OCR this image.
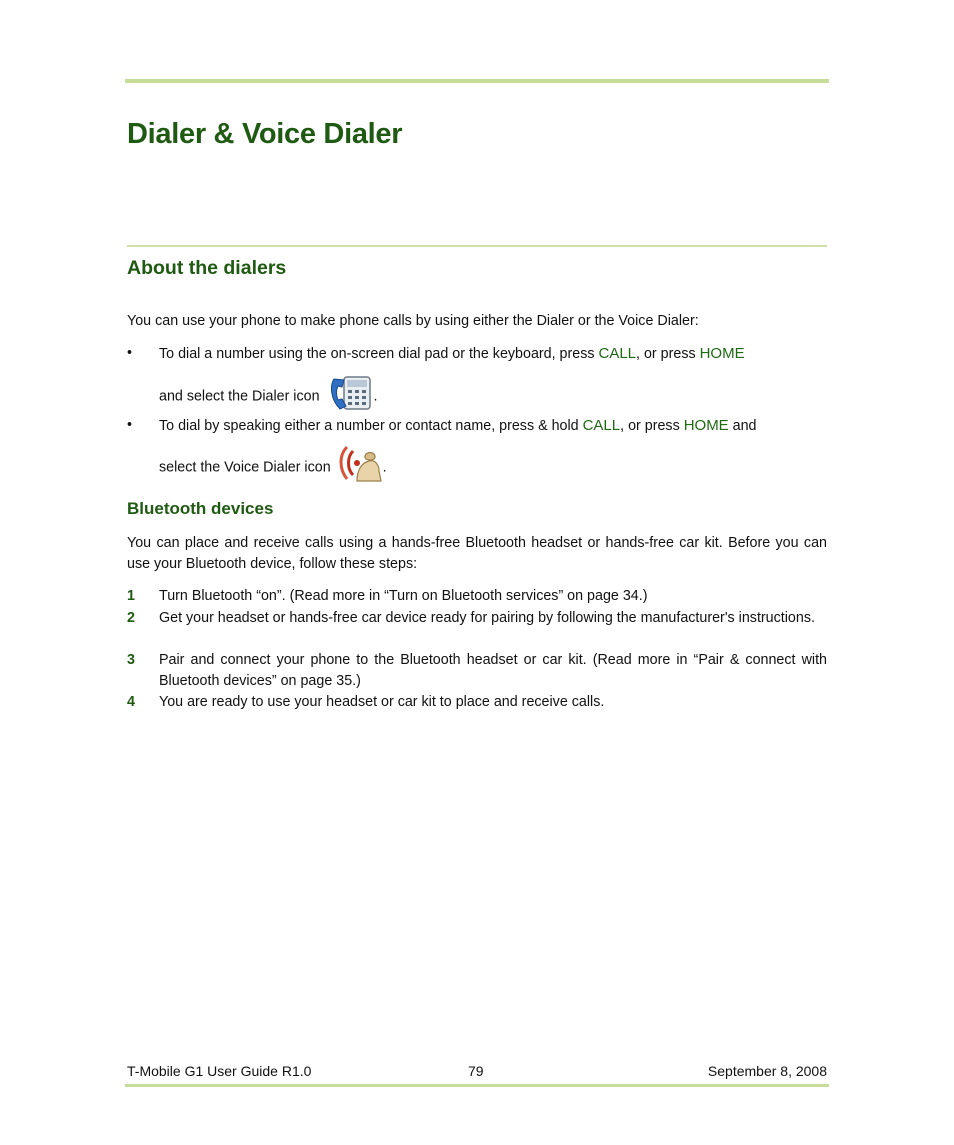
Dialer & Voice Dialer
About the dialers

You can use your phone to make phone calls by using either the Dialer or the Voice Dialer:

• To dial a number using the on-screen dial pad or the keyboard, press CALL, or press HOME
and select the Dialer icon	.
• To dial by speaking either a number or contact name, press & hold CALL, or press HOME and
select the Voice Dialer icon	.
Bluetooth devices

You can place and receive calls using a hands-free Bluetooth headset or hands-free car kit. Before you can use your Bluetooth device, follow these steps:

1 Turn Bluetooth “on”. (Read more in “Turn on Bluetooth services” on page 34.)
2 Get your headset or hands-free car device ready for pairing by following the manufacturer's instructions.
3 Pair and connect your phone to the Bluetooth headset or car kit. (Read more in “Pair & connect with Bluetooth devices” on page 35.)
4 You are ready to use your headset or car kit to place and receive calls.
T-Mobile G1 User Guide R1.0	79	September 8, 2008
